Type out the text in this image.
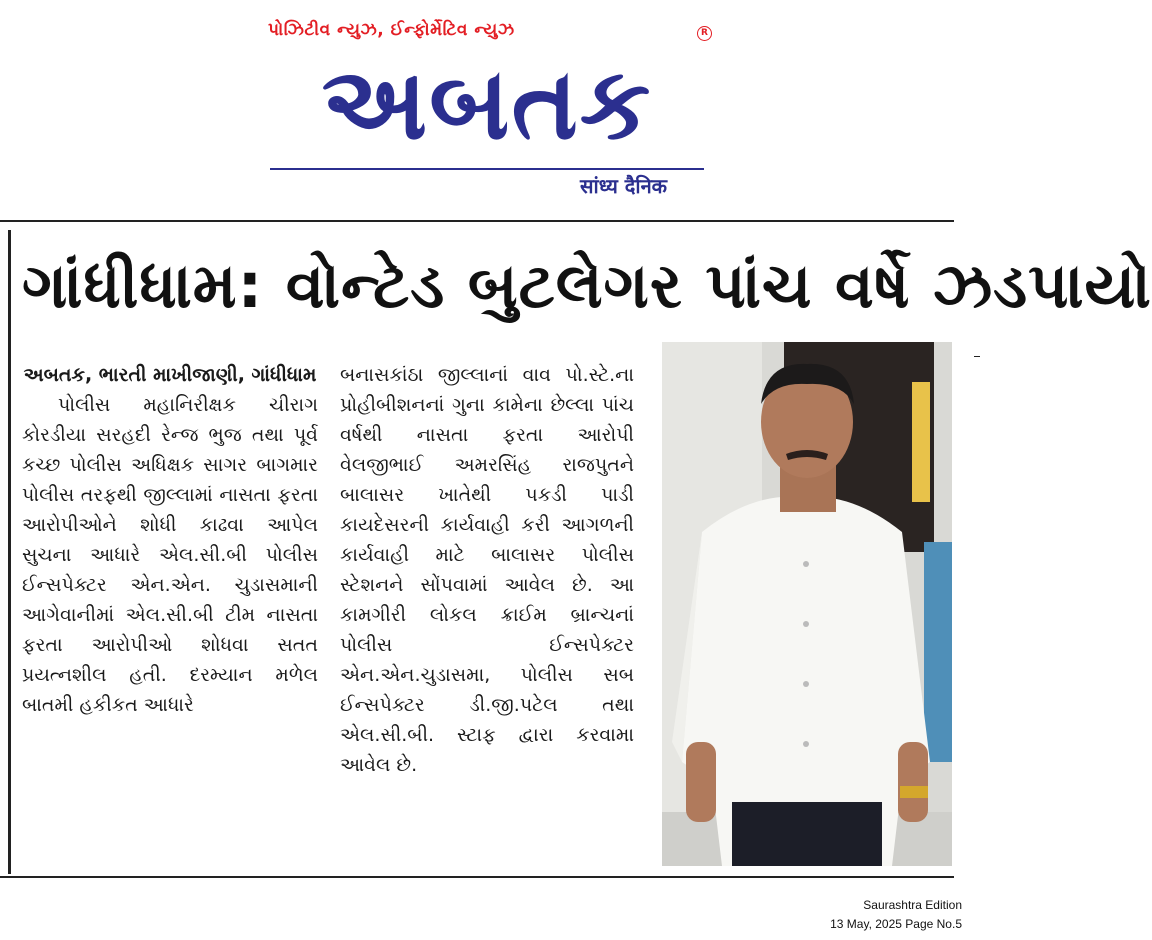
પોઝિટીવ ન્યુઝ, ઈન્ફોર્મેટિવ ન્યુઝ	R
અબતક
सांध्य दैनिक
ગાંધીધામ: વોન્ટેડ બુટલેગર પાંચ વર્ષે ઝડપાયો
અબતક, ભારતી માખીજાણી, ગાંધીધામ
પોલીસ મહાનિરીક્ષક ચીરાગ કોરડીયા સરહદી રેન્જ ભુજ તથા પૂર્વ કચ્છ પોલીસ અધિક્ષક સાગર બાગમાર પોલીસ તરફથી જીલ્લામાં નાસતા ફરતા આરોપીઓને શોધી કાઢવા આપેલ સુચના આધારે એલ.સી.બી પોલીસ ઈન્સપેક્ટર એન.એન. ચુડાસમાની આગેવાનીમાં એલ.સી.બી ટીમ નાસતા ફરતા આરોપીઓ શોધવા સતત પ્રયત્નશીલ હતી. દરમ્યાન મળેલ બાતમી હકીકત આધારે
બનાસકાંઠા જીલ્લાનાં વાવ પો.સ્ટે.ના પ્રોહીબીશનનાં ગુના કામેના છેલ્લા પાંચ વર્ષથી નાસતા ફરતા આરોપી વેલજીભાઈ અમરસિંહ રાજપુતને બાલાસર ખાતેથી પકડી પાડી કાયદેસરની કાર્યવાહી કરી આગળની કાર્યવાહી માટે બાલાસર પોલીસ સ્ટેશનને સોંપવામાં આવેલ છે. આ કામગીરી લોકલ ક્રાઈમ બ્રાન્ચનાં પોલીસ ઈન્સપેક્ટર એન.એન.ચુડાસમા, પોલીસ સબ ઈન્સપેક્ટર ડી.જી.પટેલ તથા એલ.સી.બી. સ્ટાફ દ્વારા કરવામા આવેલ છે.
Saurashtra Edition
13 May, 2025 Page No.5
